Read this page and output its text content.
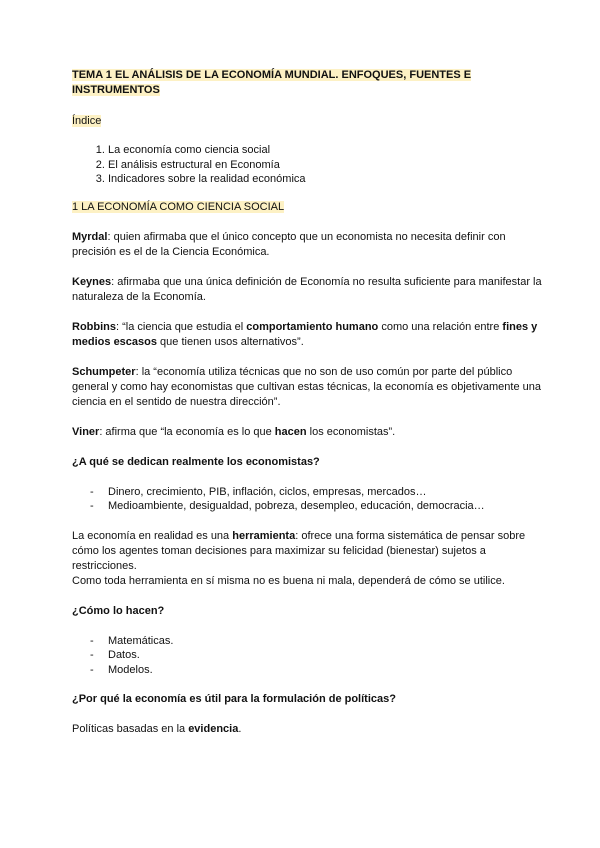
TEMA 1 EL ANÁLISIS DE LA ECONOMÍA MUNDIAL. ENFOQUES, FUENTES E INSTRUMENTOS

Índice

1. La economía como ciencia social
2. El análisis estructural en Economía
3. Indicadores sobre la realidad económica

1 LA ECONOMÍA COMO CIENCIA SOCIAL

Myrdal: quien afirmaba que el único concepto que un economista no necesita definir con precisión es el de la Ciencia Económica.

Keynes: afirmaba que una única definición de Economía no resulta suficiente para manifestar la naturaleza de la Economía.

Robbins: “la ciencia que estudia el comportamiento humano como una relación entre fines y medios escasos que tienen usos alternativos”.

Schumpeter: la “economía utiliza técnicas que no son de uso común por parte del público general y como hay economistas que cultivan estas técnicas, la economía es objetivamente una ciencia en el sentido de nuestra dirección”.

Viner: afirma que “la economía es lo que hacen los economistas”.

¿A qué se dedican realmente los economistas?

- Dinero, crecimiento, PIB, inflación, ciclos, empresas, mercados…
- Medioambiente, desigualdad, pobreza, desempleo, educación, democracia…

La economía en realidad es una herramienta: ofrece una forma sistemática de pensar sobre cómo los agentes toman decisiones para maximizar su felicidad (bienestar) sujetos a restricciones.
Como toda herramienta en sí misma no es buena ni mala, dependerá de cómo se utilice.

¿Cómo lo hacen?

- Matemáticas.
- Datos.
- Modelos.

¿Por qué la economía es útil para la formulación de políticas?

Políticas basadas en la evidencia.
